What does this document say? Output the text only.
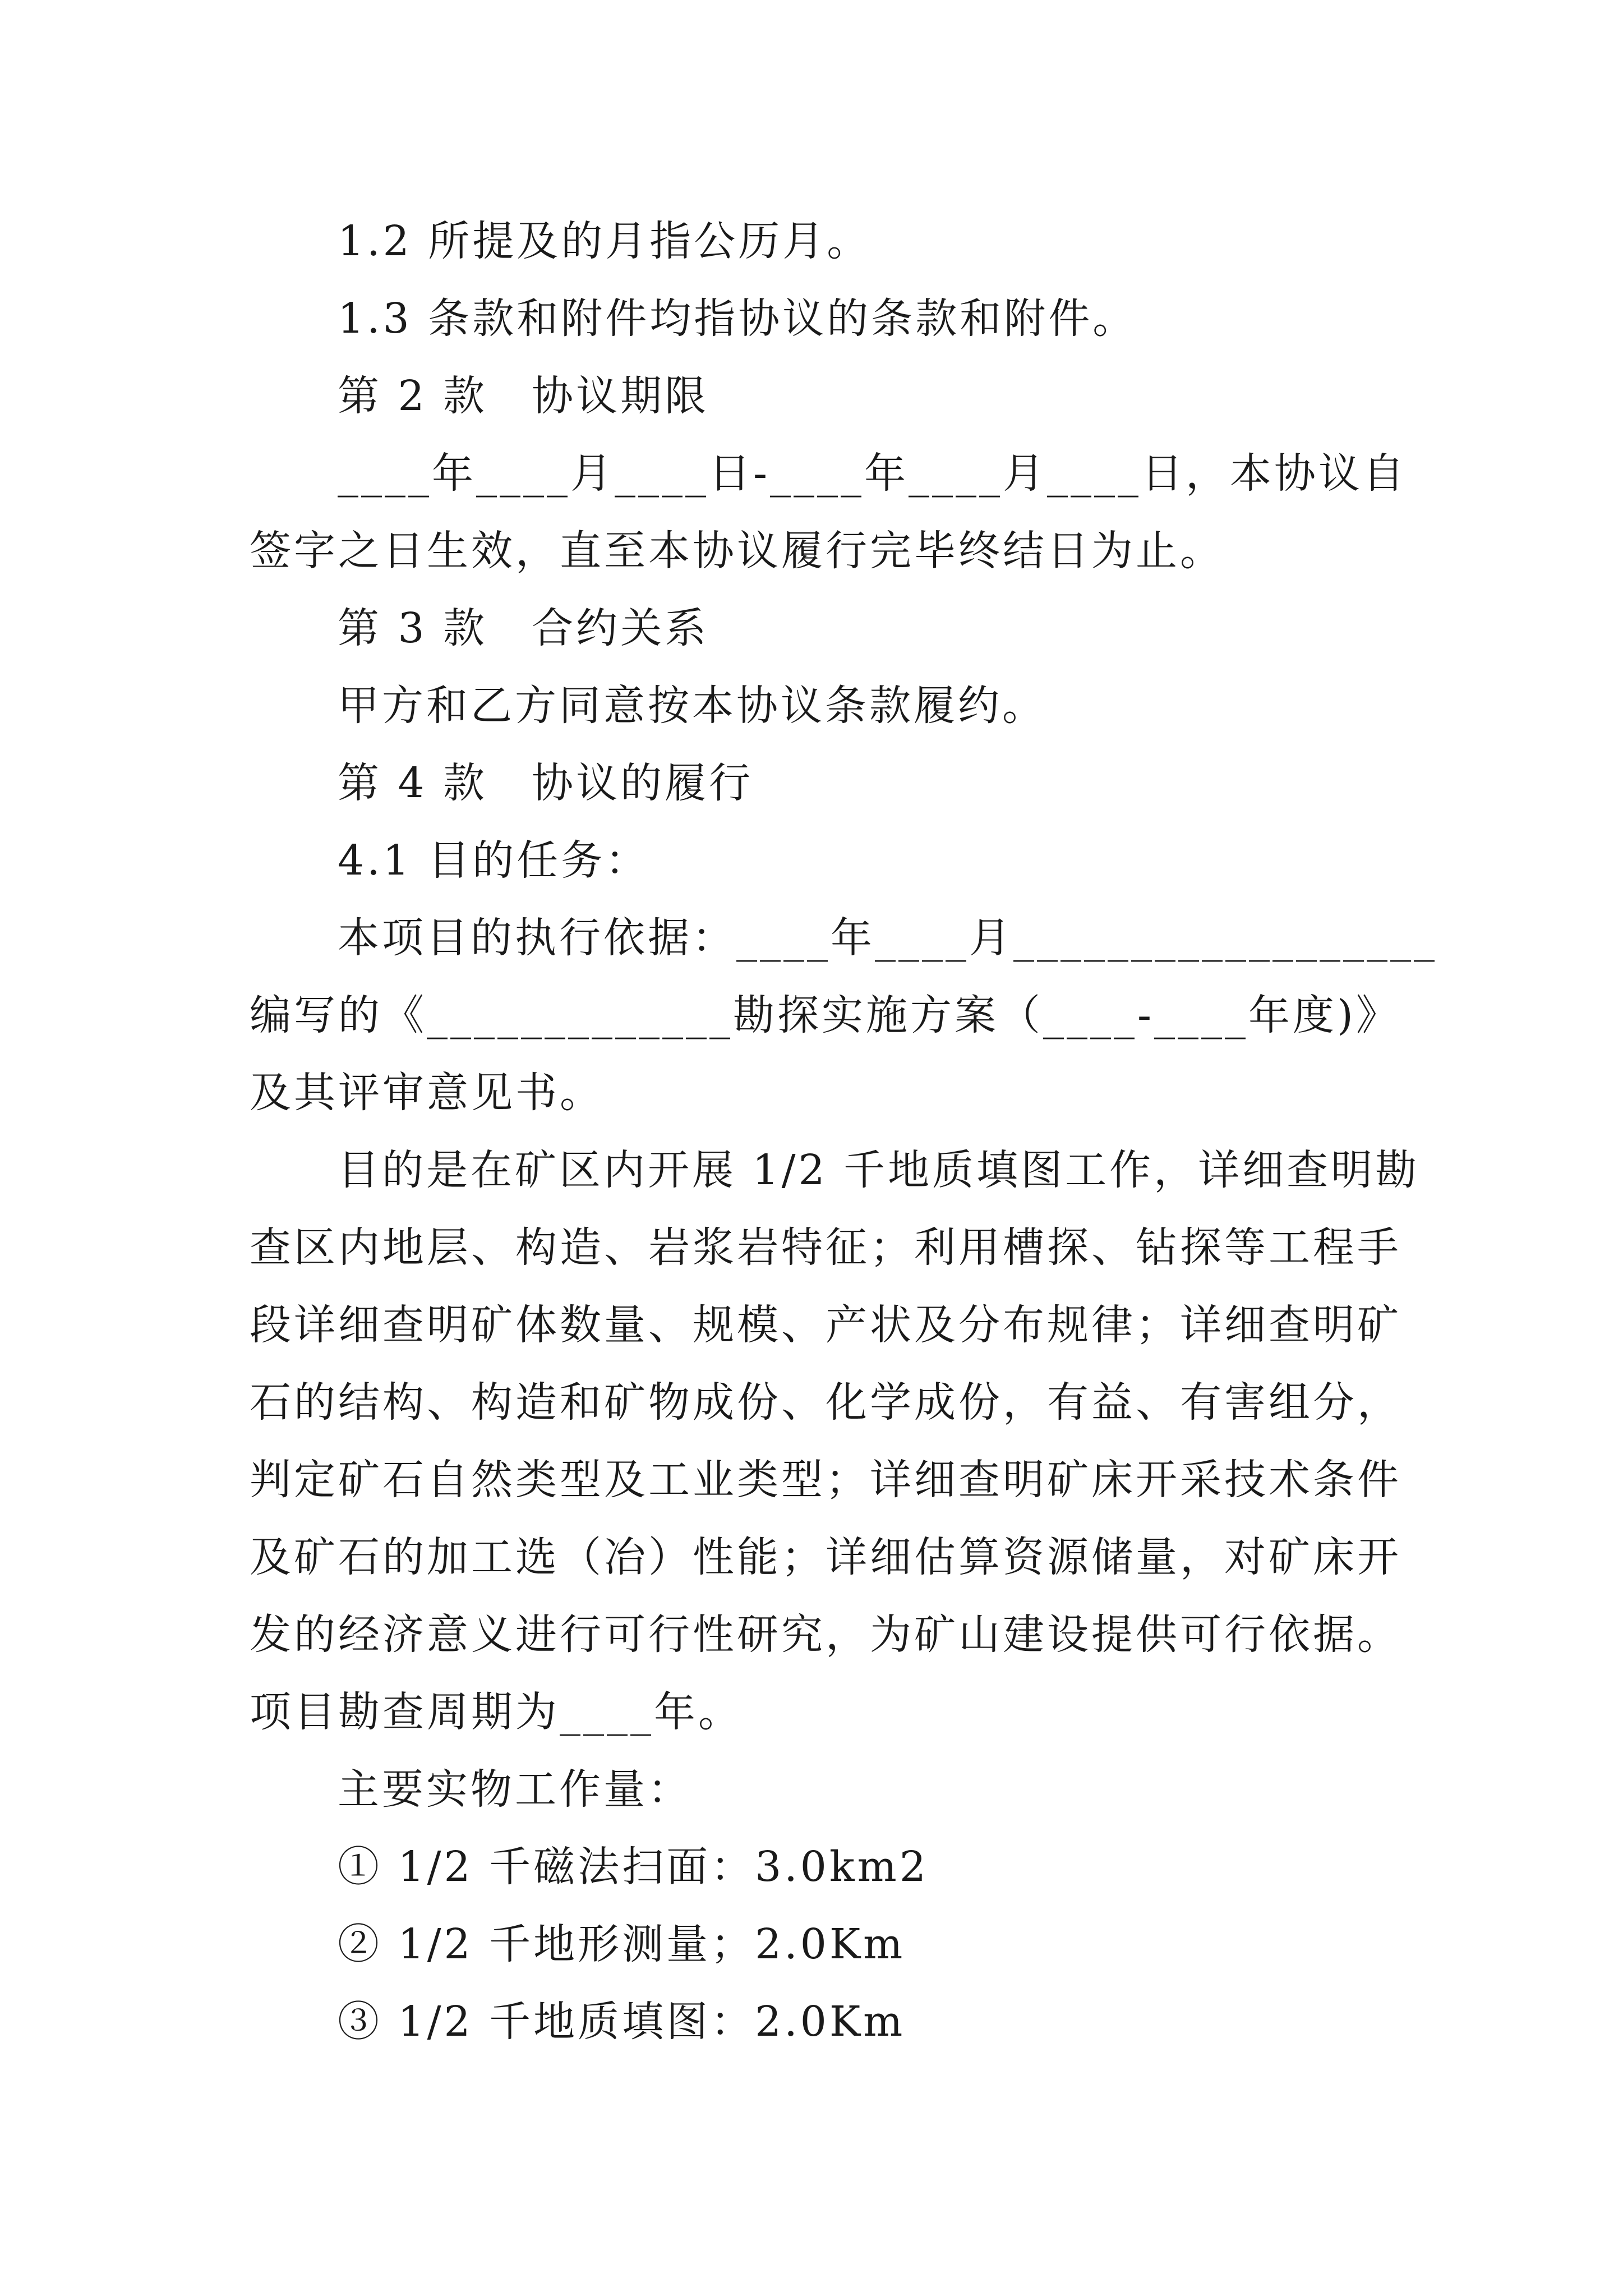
1.2 所提及的月指公历月。

1.3 条款和附件均指协议的条款和附件。

第 2 款　协议期限

____年____月____日-____年____月____日，本协议自

签字之日生效，直至本协议履行完毕终结日为止。

第 3 款　合约关系

甲方和乙方同意按本协议条款履约。

第 4 款　协议的履行

4.1 目的任务：

本项目的执行依据：____年____月__________________

编写的《_____________勘探实施方案（____-____年度)》

及其评审意见书。

目的是在矿区内开展 1/2 千地质填图工作，详细查明勘

查区内地层、构造、岩浆岩特征；利用槽探、钻探等工程手

段详细查明矿体数量、规模、产状及分布规律；详细查明矿

石的结构、构造和矿物成份、化学成份，有益、有害组分，

判定矿石自然类型及工业类型；详细查明矿床开采技术条件

及矿石的加工选（冶）性能；详细估算资源储量，对矿床开

发的经济意义进行可行性研究，为矿山建设提供可行依据。

项目勘查周期为____年。

主要实物工作量：

① 1/2 千磁法扫面：3.0km2

② 1/2 千地形测量；2.0Km

③ 1/2 千地质填图：2.0Km
